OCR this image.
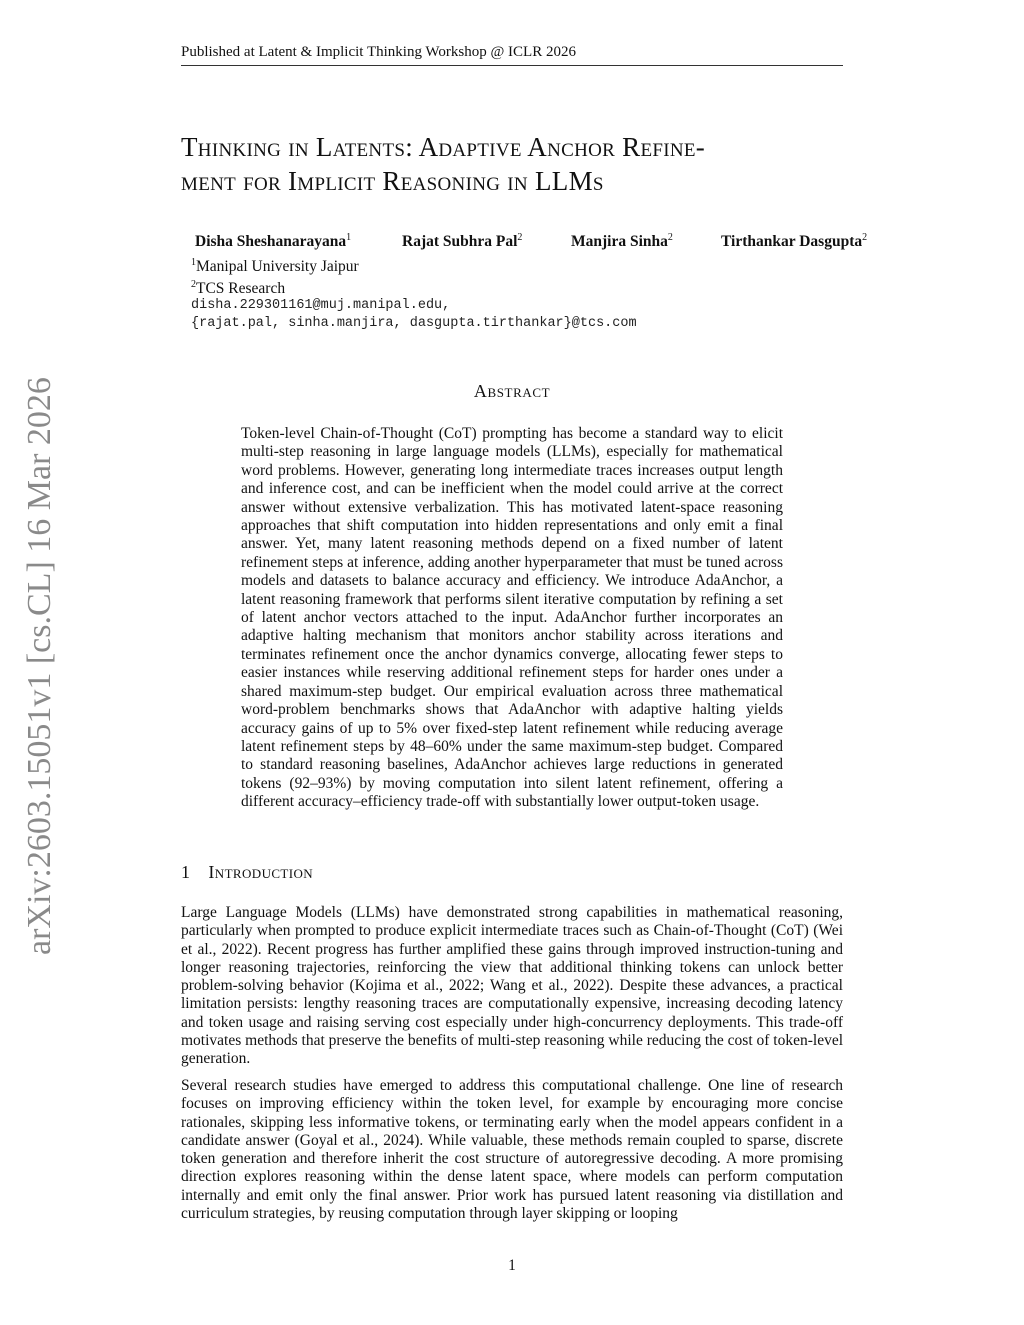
Published at Latent & Implicit Thinking Workshop @ ICLR 2026
Thinking in Latents: Adaptive Anchor Refine-
ment for Implicit Reasoning in LLMs
Disha Sheshanarayana$^1$	Rajat Subhra Pal$^2$	Manjira Sinha$^2$	Tirthankar Dasgupta$^2$
$^1$Manipal University Jaipur
$^2$TCS Research
disha.229301161@muj.manipal.edu,
{rajat.pal, sinha.manjira, dasgupta.tirthankar}@tcs.com
arXiv:2603.15051v1 [cs.CL] 16 Mar 2026	Abstract
Token-level Chain-of-Thought (CoT) prompting has become a standard way to elicit multi-step reasoning in large language models (LLMs), especially for mathematical word problems. However, generating long intermediate traces increases output length and inference cost, and can be inefficient when the model could arrive at the correct answer without extensive verbalization. This has motivated latent-space reasoning approaches that shift computation into hidden representations and only emit a final answer. Yet, many latent reasoning methods depend on a fixed number of latent refinement steps at inference, adding another hyperparameter that must be tuned across models and datasets to balance accuracy and efficiency. We introduce AdaAnchor, a latent reasoning framework that performs silent iterative computation by refining a set of latent anchor vectors attached to the input. AdaAnchor further incorporates an adaptive halting mechanism that monitors anchor stability across iterations and terminates refinement once the anchor dynamics converge, allocating fewer steps to easier instances while reserving additional refinement steps for harder ones under a shared maximum-step budget. Our empirical evaluation across three mathematical word-problem benchmarks shows that AdaAnchor with adaptive halting yields accuracy gains of up to 5% over fixed-step latent refinement while reducing average latent refinement steps by 48–60% under the same maximum-step budget. Compared to standard reasoning baselines, AdaAnchor achieves large reductions in generated tokens (92–93%) by moving computation into silent latent refinement, offering a different accuracy–efficiency trade-off with substantially lower output-token usage.
1 Introduction
Large Language Models (LLMs) have demonstrated strong capabilities in mathematical reasoning, particularly when prompted to produce explicit intermediate traces such as Chain-of-Thought (CoT) (Wei et al., 2022). Recent progress has further amplified these gains through improved instruction-tuning and longer reasoning trajectories, reinforcing the view that additional thinking tokens can unlock better problem-solving behavior (Kojima et al., 2022; Wang et al., 2022). Despite these advances, a practical limitation persists: lengthy reasoning traces are computationally expensive, increasing decoding latency and token usage and raising serving cost especially under high-concurrency deployments. This trade-off motivates methods that preserve the benefits of multi-step reasoning while reducing the cost of token-level generation.
Several research studies have emerged to address this computational challenge. One line of research focuses on improving efficiency within the token level, for example by encouraging more concise rationales, skipping less informative tokens, or terminating early when the model appears confident in a candidate answer (Goyal et al., 2024). While valuable, these methods remain coupled to sparse, discrete token generation and therefore inherit the cost structure of autoregressive decoding. A more promising direction explores reasoning within the dense latent space, where models can perform computation internally and emit only the final answer. Prior work has pursued latent reasoning via distillation and curriculum strategies, by reusing computation through layer skipping or looping
1
